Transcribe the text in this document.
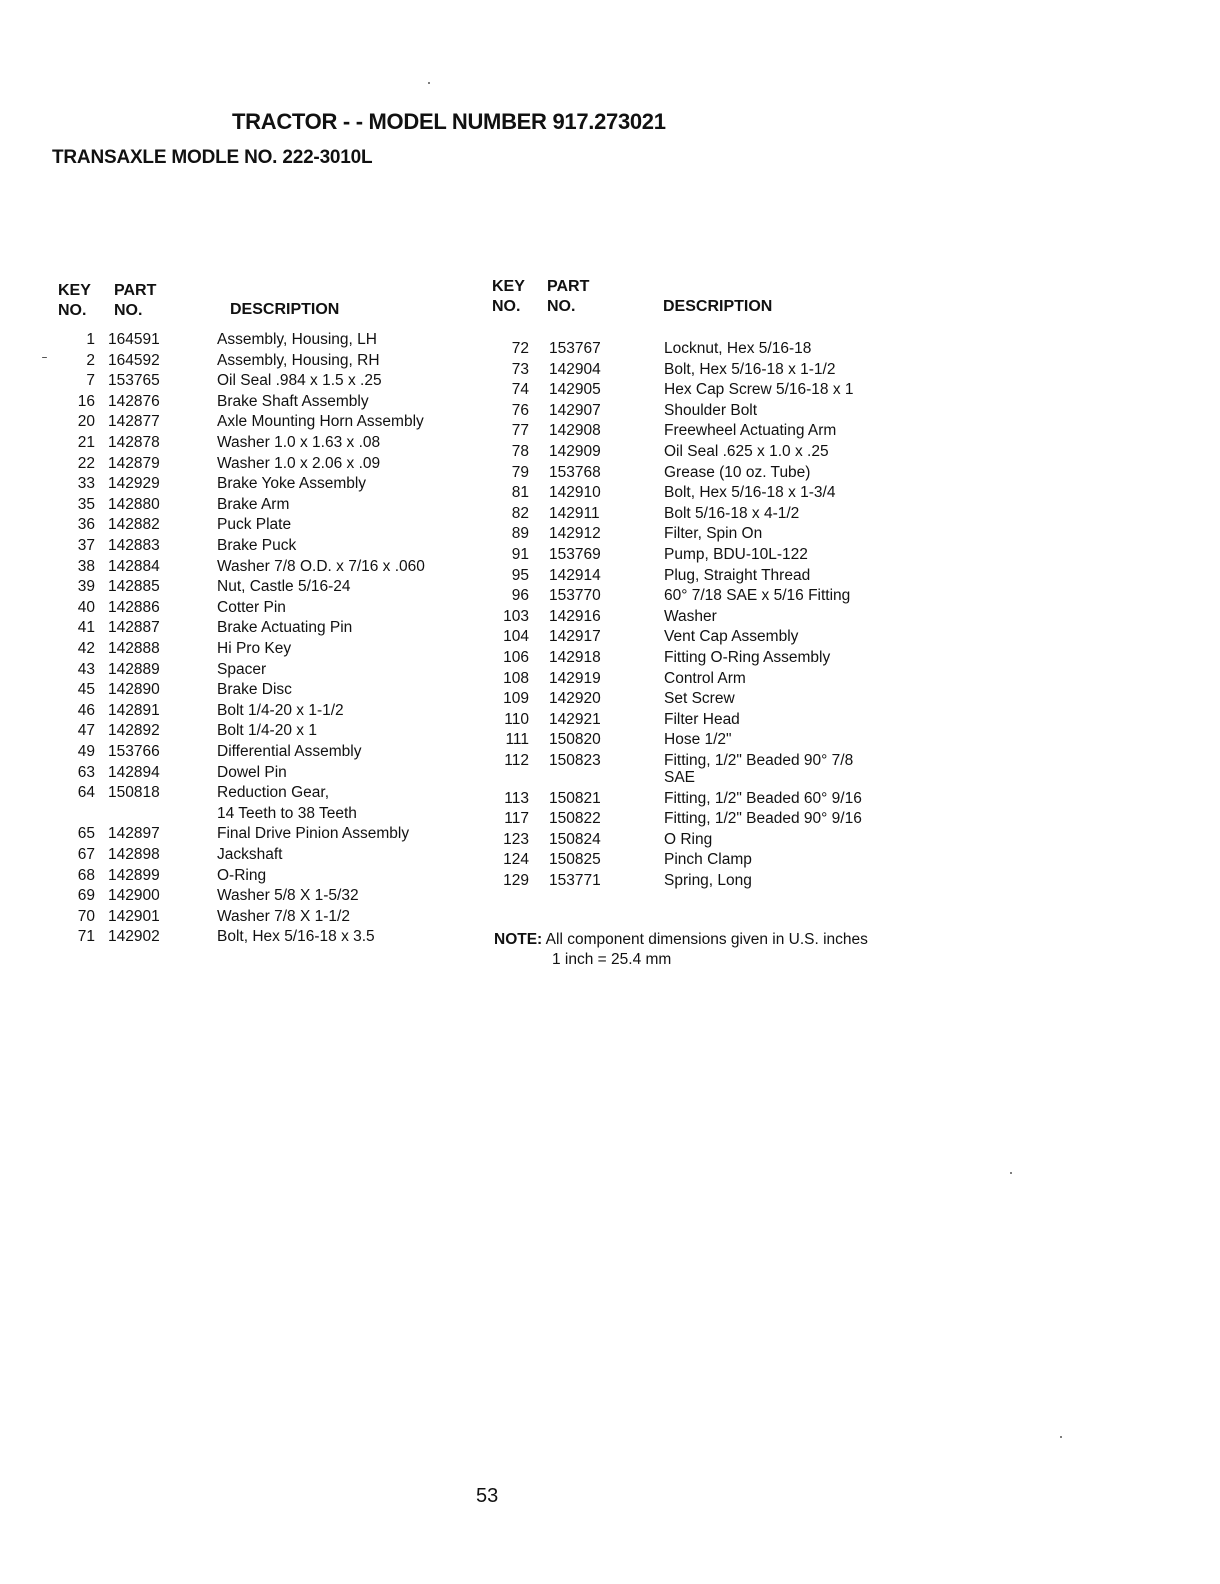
TRACTOR - - MODEL NUMBER 917.273021
TRANSAXLE MODLE NO. 222-3010L
KEY
NO.
PART
NO.	DESCRIPTION
KEY
NO.
PART
NO.	DESCRIPTION
1 164591	Assembly, Housing, LH
2 164592	Assembly, Housing, RH
7 153765	Oil Seal .984 x 1.5 x .25
16 142876	Brake Shaft Assembly
20 142877	Axle Mounting Horn Assembly
21 142878	Washer 1.0 x 1.63 x .08
22 142879	Washer 1.0 x 2.06 x .09
33 142929	Brake Yoke Assembly
35 142880	Brake Arm
36 142882	Puck Plate
37 142883	Brake Puck
38 142884	Washer 7/8 O.D. x 7/16 x .060
39 142885	Nut, Castle 5/16-24
40 142886	Cotter Pin
41 142887	Brake Actuating Pin
42 142888	Hi Pro Key
43 142889	Spacer
45 142890	Brake Disc
46 142891	Bolt 1/4-20 x 1-1/2
47 142892	Bolt 1/4-20 x 1
49 153766	Differential Assembly
63 142894	Dowel Pin
64 150818	Reduction Gear,
14 Teeth to 38 Teeth
65 142897	Final Drive Pinion Assembly
67 142898	Jackshaft
68 142899	O-Ring
69 142900	Washer 5/8 X 1-5/32
70 142901	Washer 7/8 X 1-1/2
71 142902	Bolt, Hex 5/16-18 x 3.5
72 153767	Locknut, Hex 5/16-18
73 142904	Bolt, Hex 5/16-18 x 1-1/2
74 142905	Hex Cap Screw 5/16-18 x 1
76 142907	Shoulder Bolt
77 142908	Freewheel Actuating Arm
78 142909	Oil Seal .625 x 1.0 x .25
79 153768	Grease (10 oz. Tube)
81 142910	Bolt, Hex 5/16-18 x 1-3/4
82 142911	Bolt 5/16-18 x 4-1/2
89 142912	Filter, Spin On
91 153769	Pump, BDU-10L-122
95 142914	Plug, Straight Thread
96 153770	60° 7/18 SAE x 5/16 Fitting
103 142916	Washer
104 142917	Vent Cap Assembly
106 142918	Fitting O-Ring Assembly
108 142919	Control Arm
109 142920	Set Screw
110 142921	Filter Head
111 150820	Hose 1/2"
112 150823	Fitting, 1/2" Beaded 90° 7/8
SAE
113 150821	Fitting, 1/2" Beaded 60° 9/16
117 150822	Fitting, 1/2" Beaded 90° 9/16
123 150824	O Ring
124 150825	Pinch Clamp
129 153771	Spring, Long
NOTE: All component dimensions given in U.S. inches
1 inch = 25.4 mm
53
